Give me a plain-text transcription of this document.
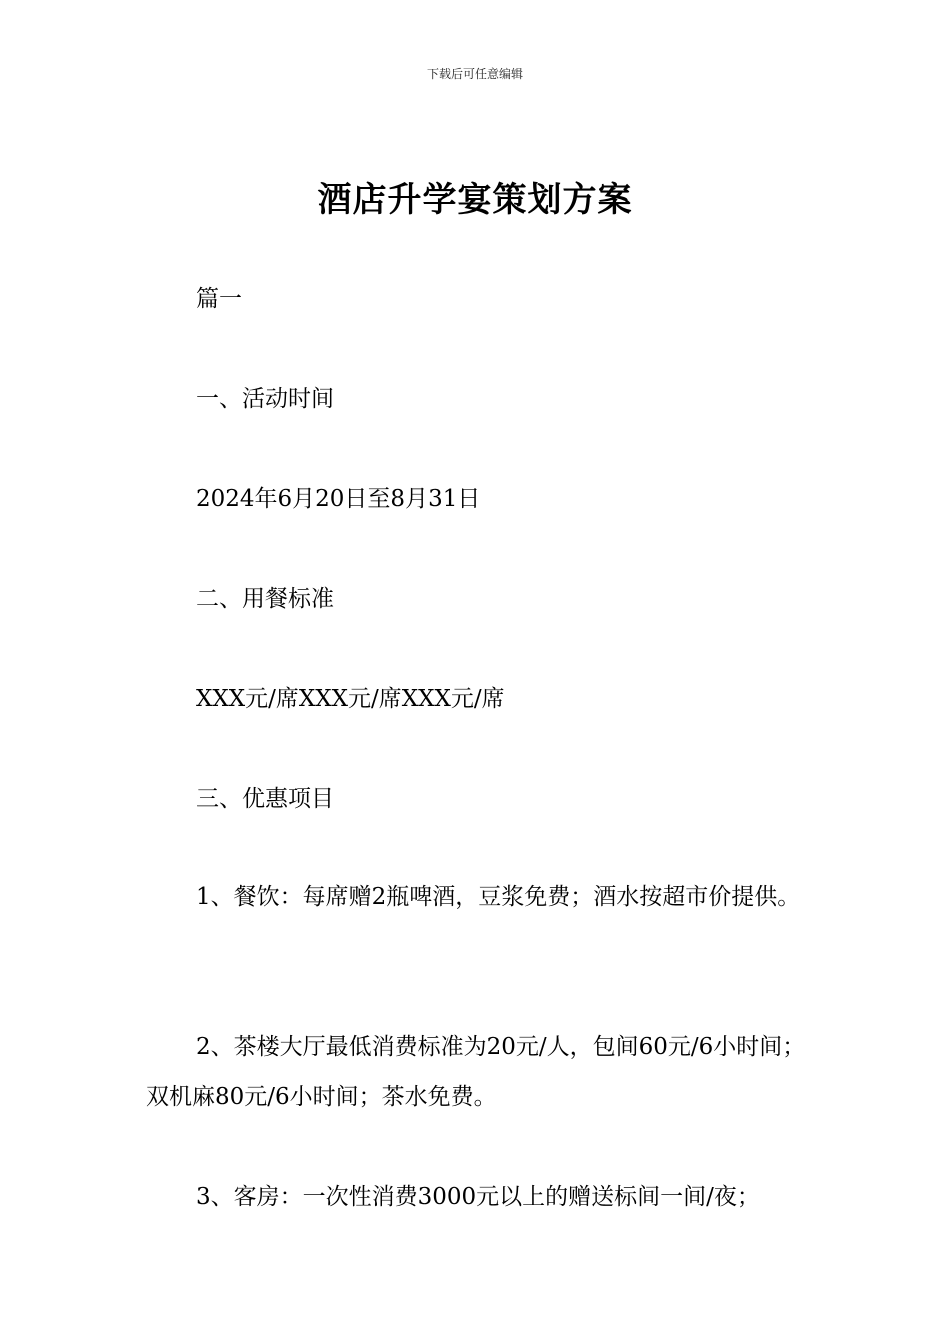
下载后可任意编辑
酒店升学宴策划方案

篇一

一、活动时间

2024年6月20日至8月31日

二、用餐标准

XXX元/席XXX元/席XXX元/席

三、优惠项目

1、餐饮：每席赠2瓶啤酒，豆浆免费；酒水按超市价提供。

2、茶楼大厅最低消费标准为20元/人，包间60元/6小时间；双机麻80元/6小时间；茶水免费。

3、客房：一次性消费3000元以上的赠送标间一间/夜；
